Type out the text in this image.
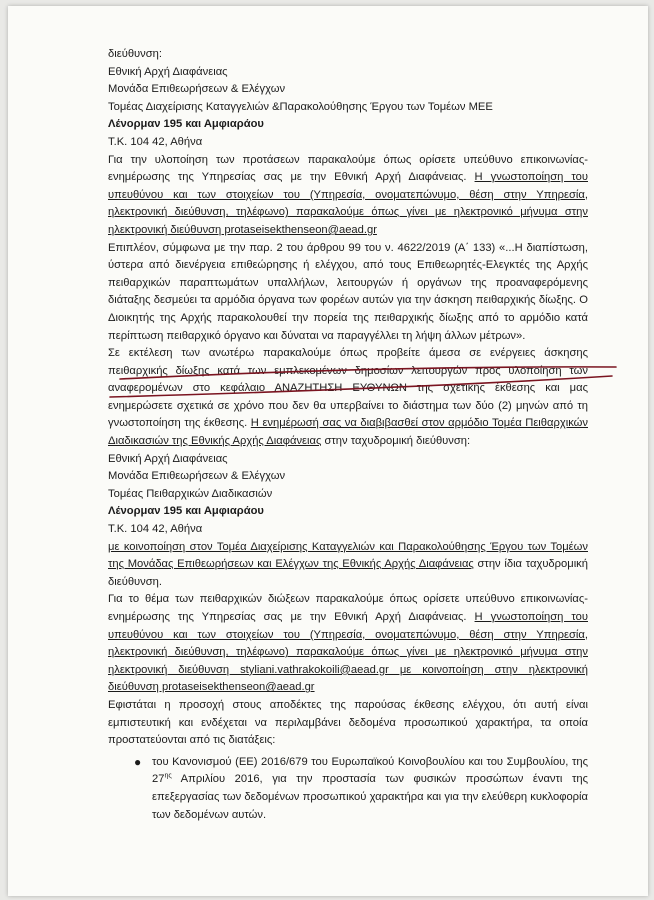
διεύθυνση:
Εθνική Αρχή Διαφάνειας
Μονάδα Επιθεωρήσεων & Ελέγχων
Τομέας Διαχείρισης Καταγγελιών &Παρακολούθησης Έργου των Τομέων ΜΕΕ
Λένορμαν 195 και Αμφιαράου
Τ.Κ. 104 42, Αθήνα

Για την υλοποίηση των προτάσεων παρακαλούμε όπως ορίσετε υπεύθυνο επικοινωνίας-ενημέρωσης της Υπηρεσίας σας με την Εθνική Αρχή Διαφάνειας. Η γνωστοποίηση του υπευθύνου και των στοιχείων του (Υπηρεσία, ονοματεπώνυμο, θέση στην Υπηρεσία, ηλεκτρονική διεύθυνση, τηλέφωνο) παρακαλούμε όπως γίνει με ηλεκτρονικό μήνυμα στην ηλεκτρονική διεύθυνση protaseisekthenseon@aead.gr

Επιπλέον, σύμφωνα με την παρ. 2 του άρθρου 99 του ν. 4622/2019 (Α΄ 133) «...Η διαπίστωση, ύστερα από διενέργεια επιθεώρησης ή ελέγχου, από τους Επιθεωρητές-Ελεγκτές της Αρχής πειθαρχικών παραπτωμάτων υπαλλήλων, λειτουργών ή οργάνων της προαναφερόμενης διάταξης δεσμεύει τα αρμόδια όργανα των φορέων αυτών για την άσκηση πειθαρχικής δίωξης. Ο Διοικητής της Αρχής παρακολουθεί την πορεία της πειθαρχικής δίωξης από το αρμόδιο κατά περίπτωση πειθαρχικό όργανο και δύναται να παραγγέλλει τη λήψη άλλων μέτρων».

Σε εκτέλεση των ανωτέρω παρακαλούμε όπως προβείτε άμεσα σε ενέργειες άσκησης πειθαρχικής δίωξης κατά των εμπλεκομένων δημοσίων λειτουργών προς υλοποίηση των αναφερομένων στο κεφάλαιο ΑΝΑΖΗΤΗΣΗ ΕΥΘΥΝΩΝ της σχετικής έκθεσης και μας ενημερώσετε σχετικά σε χρόνο που δεν θα υπερβαίνει το διάστημα των δύο (2) μηνών από τη γνωστοποίηση της έκθεσης. Η ενημέρωσή σας να διαβιβασθεί στον αρμόδιο Τομέα Πειθαρχικών Διαδικασιών της Εθνικής Αρχής Διαφάνειας στην ταχυδρομική διεύθυνση:

Εθνική Αρχή Διαφάνειας
Μονάδα Επιθεωρήσεων & Ελέγχων
Τομέας Πειθαρχικών Διαδικασιών
Λένορμαν 195 και Αμφιαράου
Τ.Κ. 104 42, Αθήνα

με κοινοποίηση στον Τομέα Διαχείρισης Καταγγελιών και Παρακολούθησης Έργου των Τομέων της Μονάδας Επιθεωρήσεων και Ελέγχων της Εθνικής Αρχής Διαφάνειας στην ίδια ταχυδρομική διεύθυνση.

Για το θέμα των πειθαρχικών διώξεων παρακαλούμε όπως ορίσετε υπεύθυνο επικοινωνίας-ενημέρωσης της Υπηρεσίας σας με την Εθνική Αρχή Διαφάνειας. Η γνωστοποίηση του υπευθύνου και των στοιχείων του (Υπηρεσία, ονοματεπώνυμο, θέση στην Υπηρεσία, ηλεκτρονική διεύθυνση, τηλέφωνο) παρακαλούμε όπως γίνει με ηλεκτρονικό μήνυμα στην ηλεκτρονική διεύθυνση styliani.vathrakokoili@aead.gr με κοινοποίηση στην ηλεκτρονική διεύθυνση protaseisekthenseon@aead.gr

Εφιστάται η προσοχή στους αποδέκτες της παρούσας έκθεσης ελέγχου, ότι αυτή είναι εμπιστευτική και ενδέχεται να περιλαμβάνει δεδομένα προσωπικού χαρακτήρα, τα οποία προστατεύονται από τις διατάξεις:

● του Κανονισμού (ΕΕ) 2016/679 του Ευρωπαϊκού Κοινοβουλίου και του Συμβουλίου, της $27^{\eta\varsigma}$ Απριλίου 2016, για την προστασία των φυσικών προσώπων έναντι της επεξεργασίας των δεδομένων προσωπικού χαρακτήρα και για την ελεύθερη κυκλοφορία των δεδομένων αυτών.
